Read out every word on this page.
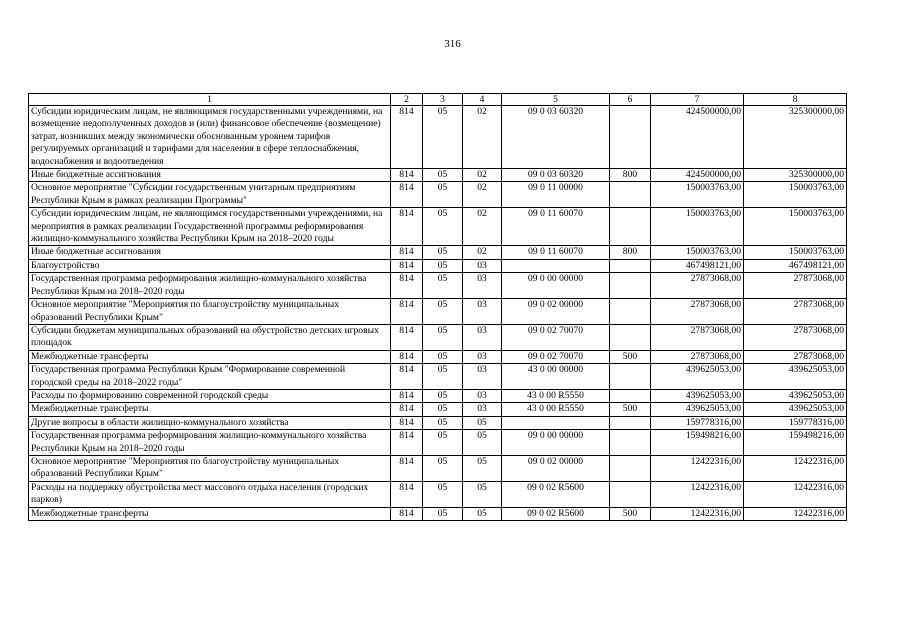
316
1	2	3	4	5	6	7	8
Субсидии юридическим лицам, не являющимся государственными учреждениями, на возмещение недополученных доходов и (или) финансовое обеспечение (возмещение) затрат, возникших между экономически обоснованным уровнем тарифов регулируемых организаций и тарифами для населения в сфере теплоснабжения, водоснабжения и водоотведения	814	05	02	09 0 03 60320		424500000,00	325300000,00
Иные бюджетные ассигнования	814	05	02	09 0 03 60320	800	424500000,00	325300000,00
Основное мероприятие "Субсидии государственным унитарным предприятиям Республики Крым в рамках реализации Программы"	814	05	02	09 0 11 00000		150003763,00	150003763,00
Субсидии юридическим лицам, не являющимся государственными учреждениями, на мероприятия в рамках реализации Государственной программы реформирования жилищно-коммунального хозяйства Республики Крым на 2018–2020 годы	814	05	02	09 0 11 60070		150003763,00	150003763,00
Иные бюджетные ассигнования	814	05	02	09 0 11 60070	800	150003763,00	150003763,00
Благоустройство	814	05	03			467498121,00	467498121,00
Государственная программа реформирования жилищно-коммунального хозяйства Республики Крым на 2018–2020 годы	814	05	03	09 0 00 00000		27873068,00	27873068,00
Основное мероприятие "Мероприятия по благоустройству муниципальных образований Республики Крым"	814	05	03	09 0 02 00000		27873068,00	27873068,00
Субсидии бюджетам муниципальных образований на обустройство детских игровых площадок	814	05	03	09 0 02 70070		27873068,00	27873068,00
Межбюджетные трансферты	814	05	03	09 0 02 70070	500	27873068,00	27873068,00
Государственная программа Республики Крым "Формирование современной городской среды на 2018–2022 годы"	814	05	03	43 0 00 00000		439625053,00	439625053,00
Расходы по формированию современной городской среды	814	05	03	43 0 00 R5550		439625053,00	439625053,00
Межбюджетные трансферты	814	05	03	43 0 00 R5550	500	439625053,00	439625053,00
Другие вопросы в области жилищно-коммунального хозяйства	814	05	05			159778316,00	159778316,00
Государственная программа реформирования жилищно-коммунального хозяйства Республики Крым на 2018–2020 годы	814	05	05	09 0 00 00000		159498216,00	159498216,00
Основное мероприятие "Мероприятия по благоустройству муниципальных образований Республики Крым"	814	05	05	09 0 02 00000		12422316,00	12422316,00
Расходы на поддержку обустройства мест массового отдыха населения (городских парков)	814	05	05	09 0 02 R5600		12422316,00	12422316,00
Межбюджетные трансферты	814	05	05	09 0 02 R5600	500	12422316,00	12422316,00
